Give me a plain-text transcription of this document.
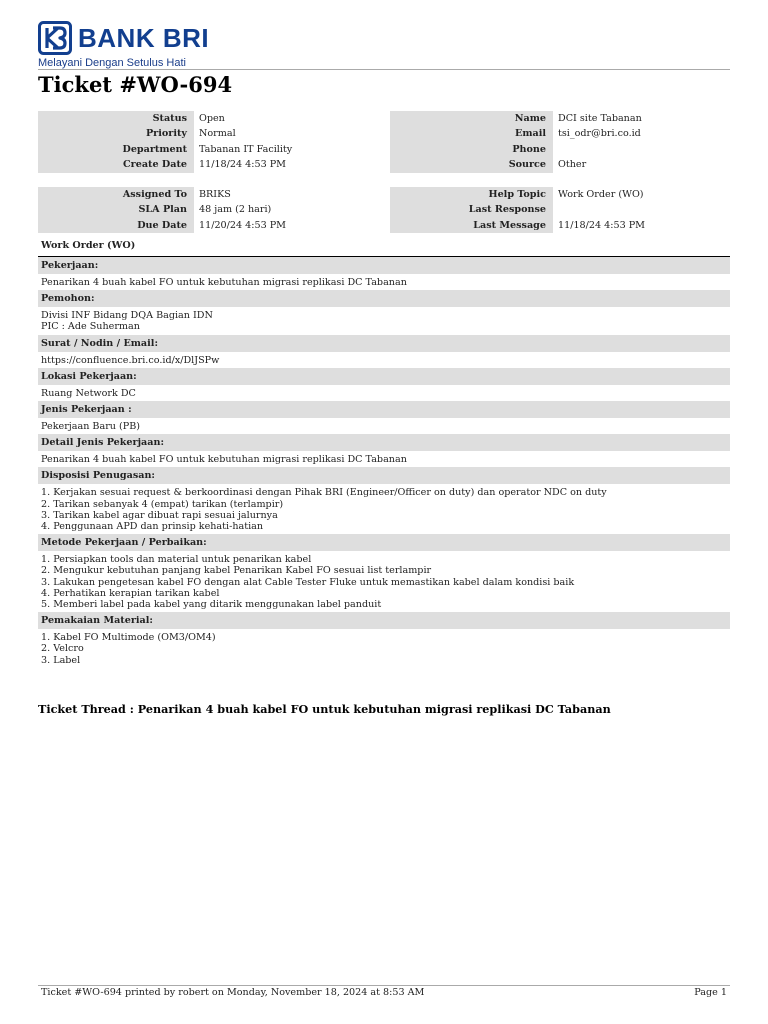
BANK BRI
Melayani Dengan Setulus Hati
Ticket #WO-694
Status	Open
Priority	Normal
Department	Tabanan IT Facility
Create Date	11/18/24 4:53 PM
Name	DCI site Tabanan
Email	tsi_odr@bri.co.id
Phone	
Source	Other
Assigned To	BRIKS
SLA Plan	48 jam (2 hari)
Due Date	11/20/24 4:53 PM
Help Topic	Work Order (WO)
Last Response	
Last Message	11/18/24 4:53 PM
Work Order (WO)
Pekerjaan:
Penarikan 4 buah kabel FO untuk kebutuhan migrasi replikasi DC Tabanan
Pemohon:
Divisi INF Bidang DQA Bagian IDN
PIC : Ade Suherman
Surat / Nodin / Email:
https://confluence.bri.co.id/x/DlJSPw
Lokasi Pekerjaan:
Ruang Network DC
Jenis Pekerjaan :
Pekerjaan Baru (PB)
Detail Jenis Pekerjaan:
Penarikan 4 buah kabel FO untuk kebutuhan migrasi replikasi DC Tabanan
Disposisi Penugasan:
1. Kerjakan sesuai request & berkoordinasi dengan Pihak BRI (Engineer/Officer on duty) dan operator NDC on duty
2. Tarikan sebanyak 4 (empat) tarikan (terlampir)
3. Tarikan kabel agar dibuat rapi sesuai jalurnya
4. Penggunaan APD dan prinsip kehati-hatian
Metode Pekerjaan / Perbaikan:
1. Persiapkan tools dan material untuk penarikan kabel
2. Mengukur kebutuhan panjang kabel Penarikan Kabel FO sesuai list terlampir
3. Lakukan pengetesan kabel FO dengan alat Cable Tester Fluke untuk memastikan kabel dalam kondisi baik
4. Perhatikan kerapian tarikan kabel
5. Memberi label pada kabel yang ditarik menggunakan label panduit
Pemakaian Material:
1. Kabel FO Multimode (OM3/OM4)
2. Velcro
3. Label
Ticket Thread : Penarikan 4 buah kabel FO untuk kebutuhan migrasi replikasi DC Tabanan
Ticket #WO-694 printed by robert on Monday, November 18, 2024 at 8:53 AM	Page 1
